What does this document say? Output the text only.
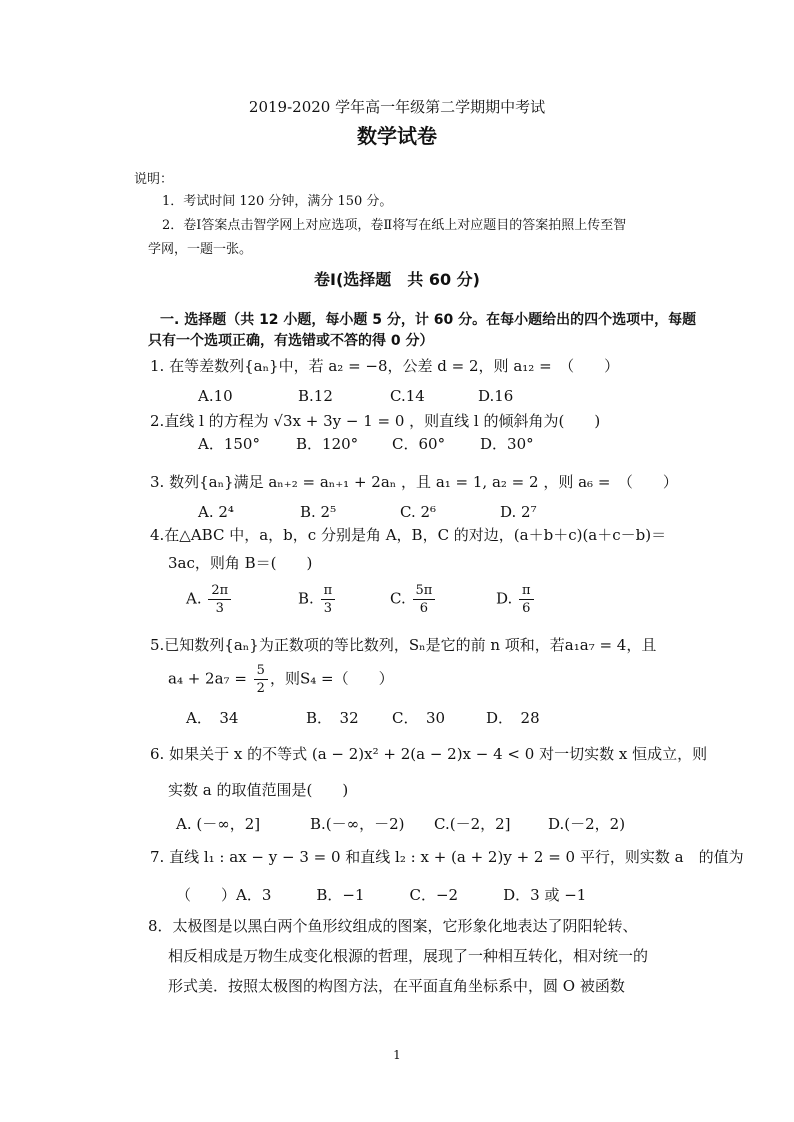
2019-2020 学年高一年级第二学期期中考试
数学试卷
说明：
1．考试时间 120 分钟，满分 150 分。
2．卷Ⅰ答案点击智学网上对应选项，卷Ⅱ将写在纸上对应题目的答案拍照上传至智
学网，一题一张。
卷Ⅰ(选择题　共 60 分)
一. 选择题（共 12 小题，每小题 5 分，计 60 分。在每小题给出的四个选项中，每题
只有一个选项正确，有选错或不答的得 0 分）
1. 在等差数列{aₙ}中，若 a₂ = −8，公差 d = 2，则 a₁₂ =　（　　）
A.10	B.12	C.14	D.16
2.直线 l 的方程为 √3x + 3y − 1 = 0 ，则直线 l 的倾斜角为(　　)
A．150° B．120° C．60° D．30°
3. 数列{aₙ}满足 aₙ₊₂ = aₙ₊₁ + 2aₙ ，且 a₁ = 1, a₂ = 2 ，则 a₆ =　（　　）
A. 2⁴	B. 2⁵	C. 2⁶	D. 2⁷
4.在△ABC 中，a，b，c 分别是角 A，B，C 的对边，(a＋b＋c)(a＋c－b)＝
3ac，则角 B＝(　　)
A. $\frac{2\pi}{3}$	B. $\frac{\pi}{3}$	C. $\frac{5\pi}{6}$	D. $\frac{\pi}{6}$
5.已知数列{aₙ}为正数项的等比数列，Sₙ是它的前 n 项和，若a₁a₇ = 4，且
$a_4 + 2a_7 = \frac{5}{2}$ ，则S₄ =（　　）
A．　34	B．　32 C．　30	D．　28
6. 如果关于 x 的不等式 (a − 2)x² + 2(a − 2)x − 4 < 0 对一切实数 x 恒成立，则
实数 a 的取值范围是(　　)
A. (－∞，2]	B.(－∞，－2) C.(－2，2] D.(－2，2)
7. 直线 l₁ : ax − y − 3 = 0 和直线 l₂ : x + (a + 2)y + 2 = 0 平行，则实数 a　的值为
（　　）A．3　　　B．−1　　　C．−2　　　D．3 或 −1
8．太极图是以黑白两个鱼形纹组成的图案，它形象化地表达了阴阳轮转、
相反相成是万物生成变化根源的哲理，展现了一种相互转化，相对统一的
形式美．按照太极图的构图方法，在平面直角坐标系中，圆 O 被函数
1
